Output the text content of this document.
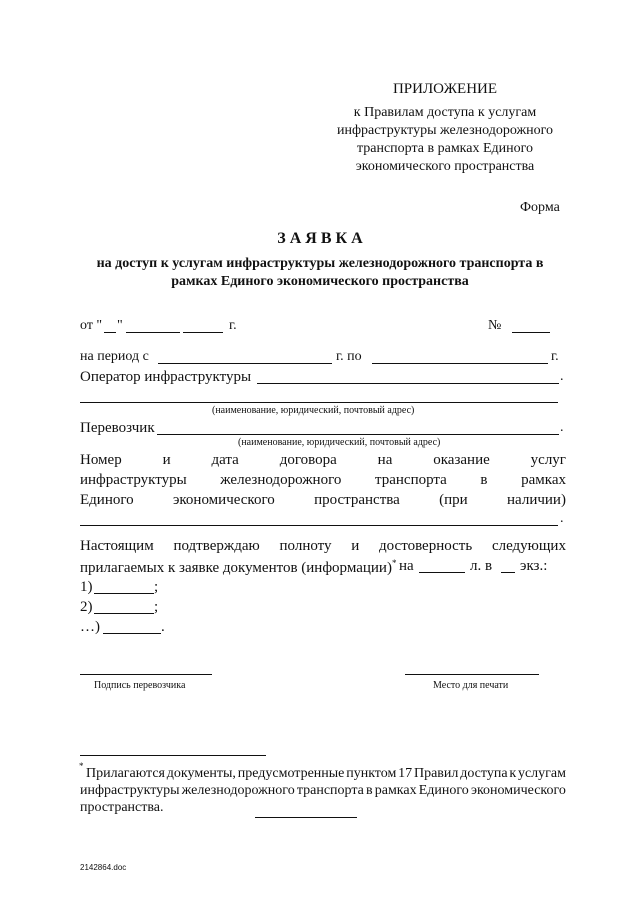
ПРИЛОЖЕНИЕ
к Правилам доступа к услугам
инфраструктуры железнодорожного
транспорта в рамках Единого
экономического пространства
Форма
З А Я В К А
на доступ к услугам инфраструктуры железнодорожного транспорта в
рамках Единого экономического пространства
от " "	г.	№
на период с	г. по	г.
Оператор инфраструктуры	.
(наименование, юридический, почтовый адрес)
Перевозчик	.
(наименование, юридический, почтовый адрес)
Номер	и	дата	договора	на	оказание	услуг
инфраструктуры железнодорожного транспорта в рамках
Единого	экономического	пространства	(при	наличии)
.
Настоящим подтверждаю полноту и достоверность следующих
прилагаемых к заявке документов (информации)* на	л. в экз.:
1)	;
2)	;
…)	.
Подпись перевозчика	Место для печати
* Прилагаются документы, предусмотренные пунктом 17 Правил доступа к услугам
инфраструктуры железнодорожного транспорта в рамках Единого экономического
пространства.
2142864.doc
